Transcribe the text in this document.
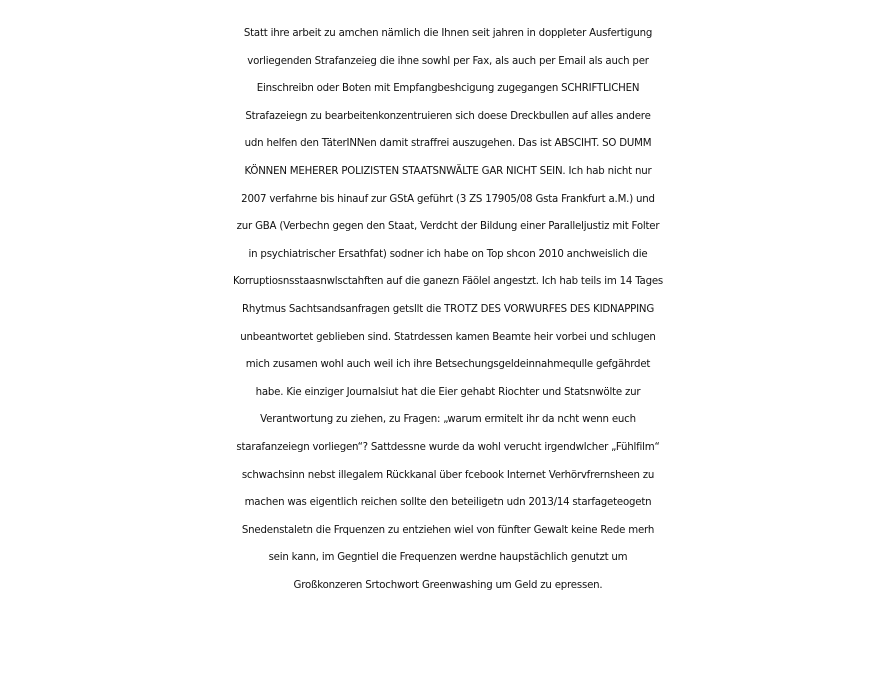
Statt ihre arbeit zu amchen nämlich die Ihnen seit jahren in doppleter Ausfertigung
vorliegenden Strafanzeieg die ihne sowhl per Fax, als auch per Email als auch per
Einschreibn oder Boten mit Empfangbeshcigung zugegangen SCHRIFTLICHEN
Strafazeiegn zu bearbeitenkonzentruieren sich doese Dreckbullen auf alles andere
udn helfen den TäterINNen damit straffrei auszugehen. Das ist ABSCIHT. SO DUMM
KÖNNEN MEHERER POLIZISTEN STAATSNWÄLTE GAR NICHT SEIN. Ich hab nicht nur
2007 verfahrne bis hinauf zur GStA geführt (3 ZS 17905/08 Gsta Frankfurt a.M.) und
zur GBA (Verbechn gegen den Staat, Verdcht der Bildung einer Paralleljustiz mit Folter
in psychiatrischer Ersathfat) sodner ich habe on Top shcon 2010 anchweislich die
Korruptiosnsstaasnwlsctahften auf die ganezn Fäölel angestzt. Ich hab teils im 14 Tages
Rhytmus Sachtsandsanfragen getsllt die TROTZ DES VORWURFES DES KIDNAPPING
unbeantwortet geblieben sind. Statrdessen kamen Beamte heir vorbei und schlugen
mich zusamen wohl auch weil ich ihre Betsechungsgeldeinnahmequlle gefgährdet
habe. Kie einziger Journalsiut hat die Eier gehabt Riochter und Statsnwölte zur
Verantwortung zu ziehen, zu Fragen: „warum ermitelt ihr da ncht wenn euch
starafanzeiegn vorliegen“? Sattdessne wurde da wohl verucht irgendwlcher „Fühlfilm“
schwachsinn nebst illegalem Rückkanal über fcebook Internet Verhörvfrernsheen zu
machen was eigentlich reichen sollte den beteiligetn udn 2013/14 starfageteogetn
Snedenstaletn die Frquenzen zu entziehen wiel von fünfter Gewalt keine Rede merh
sein kann, im Gegntiel die Frequenzen werdne haupstächlich genutzt um
Großkonzeren Srtochwort Greenwashing um Geld zu epressen.
